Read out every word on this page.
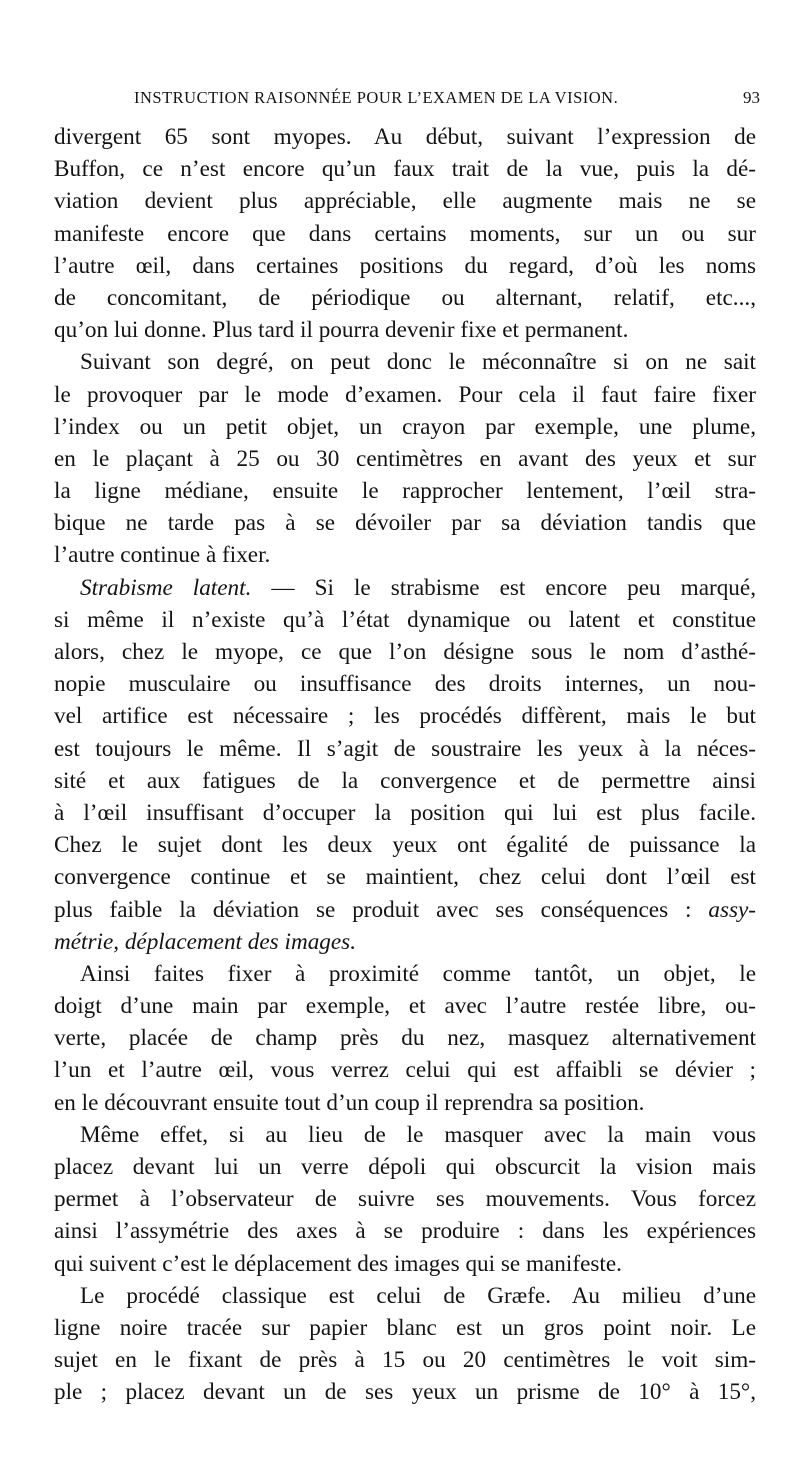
INSTRUCTION RAISONNÉE POUR L’EXAMEN DE LA VISION.	93
divergent 65 sont myopes. Au début, suivant l’expression de
Buffon, ce n’est encore qu’un faux trait de la vue, puis la dé-
viation devient plus appréciable, elle augmente mais ne se
manifeste encore que dans certains moments, sur un ou sur
l’autre œil, dans certaines positions du regard, d’où les noms
de concomitant, de périodique ou alternant, relatif, etc...,
qu’on lui donne. Plus tard il pourra devenir fixe et permanent.
Suivant son degré, on peut donc le méconnaître si on ne sait
le provoquer par le mode d’examen. Pour cela il faut faire fixer
l’index ou un petit objet, un crayon par exemple, une plume,
en le plaçant à 25 ou 30 centimètres en avant des yeux et sur
la ligne médiane, ensuite le rapprocher lentement, l’œil stra-
bique ne tarde pas à se dévoiler par sa déviation tandis que
l’autre continue à fixer.
Strabisme latent. — Si le strabisme est encore peu marqué,
si même il n’existe qu’à l’état dynamique ou latent et constitue
alors, chez le myope, ce que l’on désigne sous le nom d’asthé-
nopie musculaire ou insuffisance des droits internes, un nou-
vel artifice est nécessaire ; les procédés diffèrent, mais le but
est toujours le même. Il s’agit de soustraire les yeux à la néces-
sité et aux fatigues de la convergence et de permettre ainsi
à l’œil insuffisant d’occuper la position qui lui est plus facile.
Chez le sujet dont les deux yeux ont égalité de puissance la
convergence continue et se maintient, chez celui dont l’œil est
plus faible la déviation se produit avec ses conséquences : assy-
métrie, déplacement des images.
Ainsi faites fixer à proximité comme tantôt, un objet, le
doigt d’une main par exemple, et avec l’autre restée libre, ou-
verte, placée de champ près du nez, masquez alternativement
l’un et l’autre œil, vous verrez celui qui est affaibli se dévier ;
en le découvrant ensuite tout d’un coup il reprendra sa position.
Même effet, si au lieu de le masquer avec la main vous
placez devant lui un verre dépoli qui obscurcit la vision mais
permet à l’observateur de suivre ses mouvements. Vous forcez
ainsi l’assymétrie des axes à se produire : dans les expériences
qui suivent c’est le déplacement des images qui se manifeste.
Le procédé classique est celui de Græfe. Au milieu d’une
ligne noire tracée sur papier blanc est un gros point noir. Le
sujet en le fixant de près à 15 ou 20 centimètres le voit sim-
ple ; placez devant un de ses yeux un prisme de 10° à 15°,
